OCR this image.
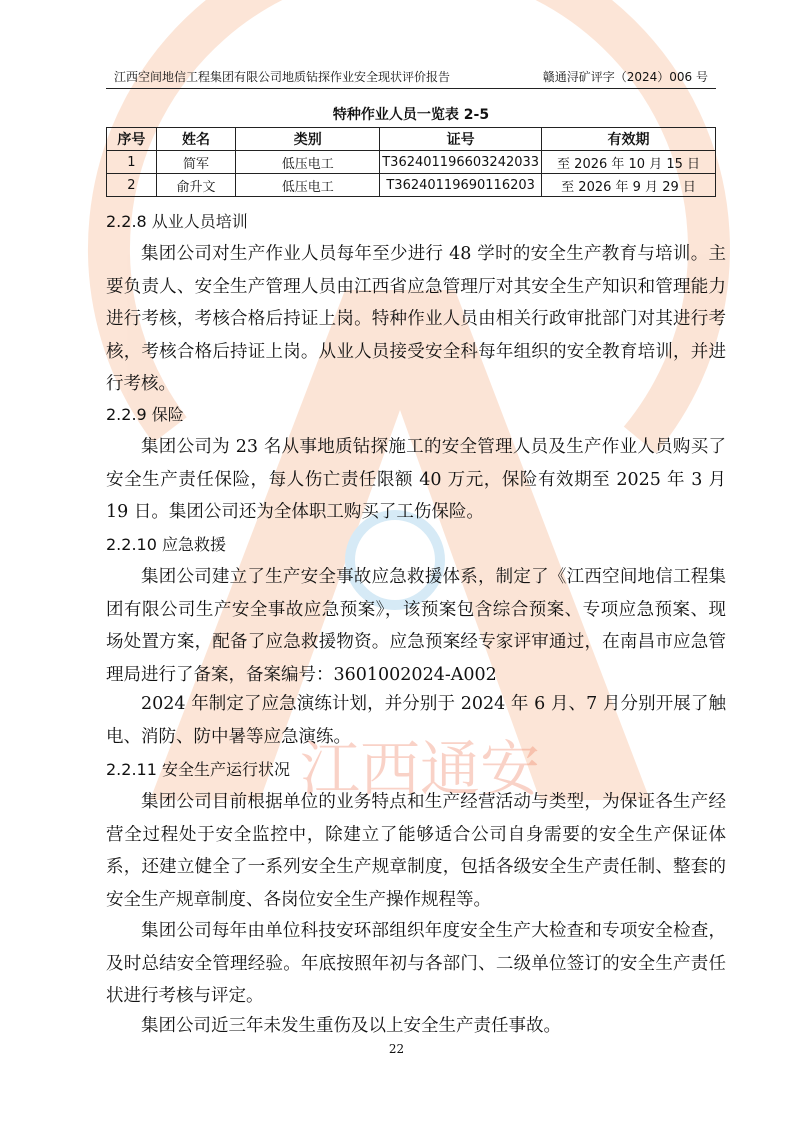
江西通安
江西空间地信工程集团有限公司地质钻探作业安全现状评价报告	赣通浔矿评字（2024）006 号
特种作业人员一览表 2-5
序号	姓名	类别	证号	有效期
1	简军	低压电工	T362401196603242033	至 2026 年 10 月 15 日
2	俞升文	低压电工	T36240119690116203	至 2026 年 9 月 29 日
2.2.8 从业人员培训

集团公司对生产作业人员每年至少进行 48 学时的安全生产教育与培训。主要负责人、安全生产管理人员由江西省应急管理厅对其安全生产知识和管理能力进行考核，考核合格后持证上岗。特种作业人员由相关行政审批部门对其进行考核，考核合格后持证上岗。从业人员接受安全科每年组织的安全教育培训，并进行考核。

2.2.9 保险

集团公司为 23 名从事地质钻探施工的安全管理人员及生产作业人员购买了安全生产责任保险，每人伤亡责任限额 40 万元，保险有效期至 2025 年 3 月 19 日。集团公司还为全体职工购买了工伤保险。

2.2.10 应急救援

集团公司建立了生产安全事故应急救援体系，制定了《江西空间地信工程集团有限公司生产安全事故应急预案》，该预案包含综合预案、专项应急预案、现场处置方案，配备了应急救援物资。应急预案经专家评审通过，在南昌市应急管理局进行了备案，备案编号：3601002024-A002

2024 年制定了应急演练计划，并分别于 2024 年 6 月、7 月分别开展了触电、消防、防中暑等应急演练。

2.2.11 安全生产运行状况

集团公司目前根据单位的业务特点和生产经营活动与类型，为保证各生产经营全过程处于安全监控中，除建立了能够适合公司自身需要的安全生产保证体系，还建立健全了一系列安全生产规章制度，包括各级安全生产责任制、整套的安全生产规章制度、各岗位安全生产操作规程等。

集团公司每年由单位科技安环部组织年度安全生产大检查和专项安全检查，及时总结安全管理经验。年底按照年初与各部门、二级单位签订的安全生产责任状进行考核与评定。

集团公司近三年未发生重伤及以上安全生产责任事故。

22
